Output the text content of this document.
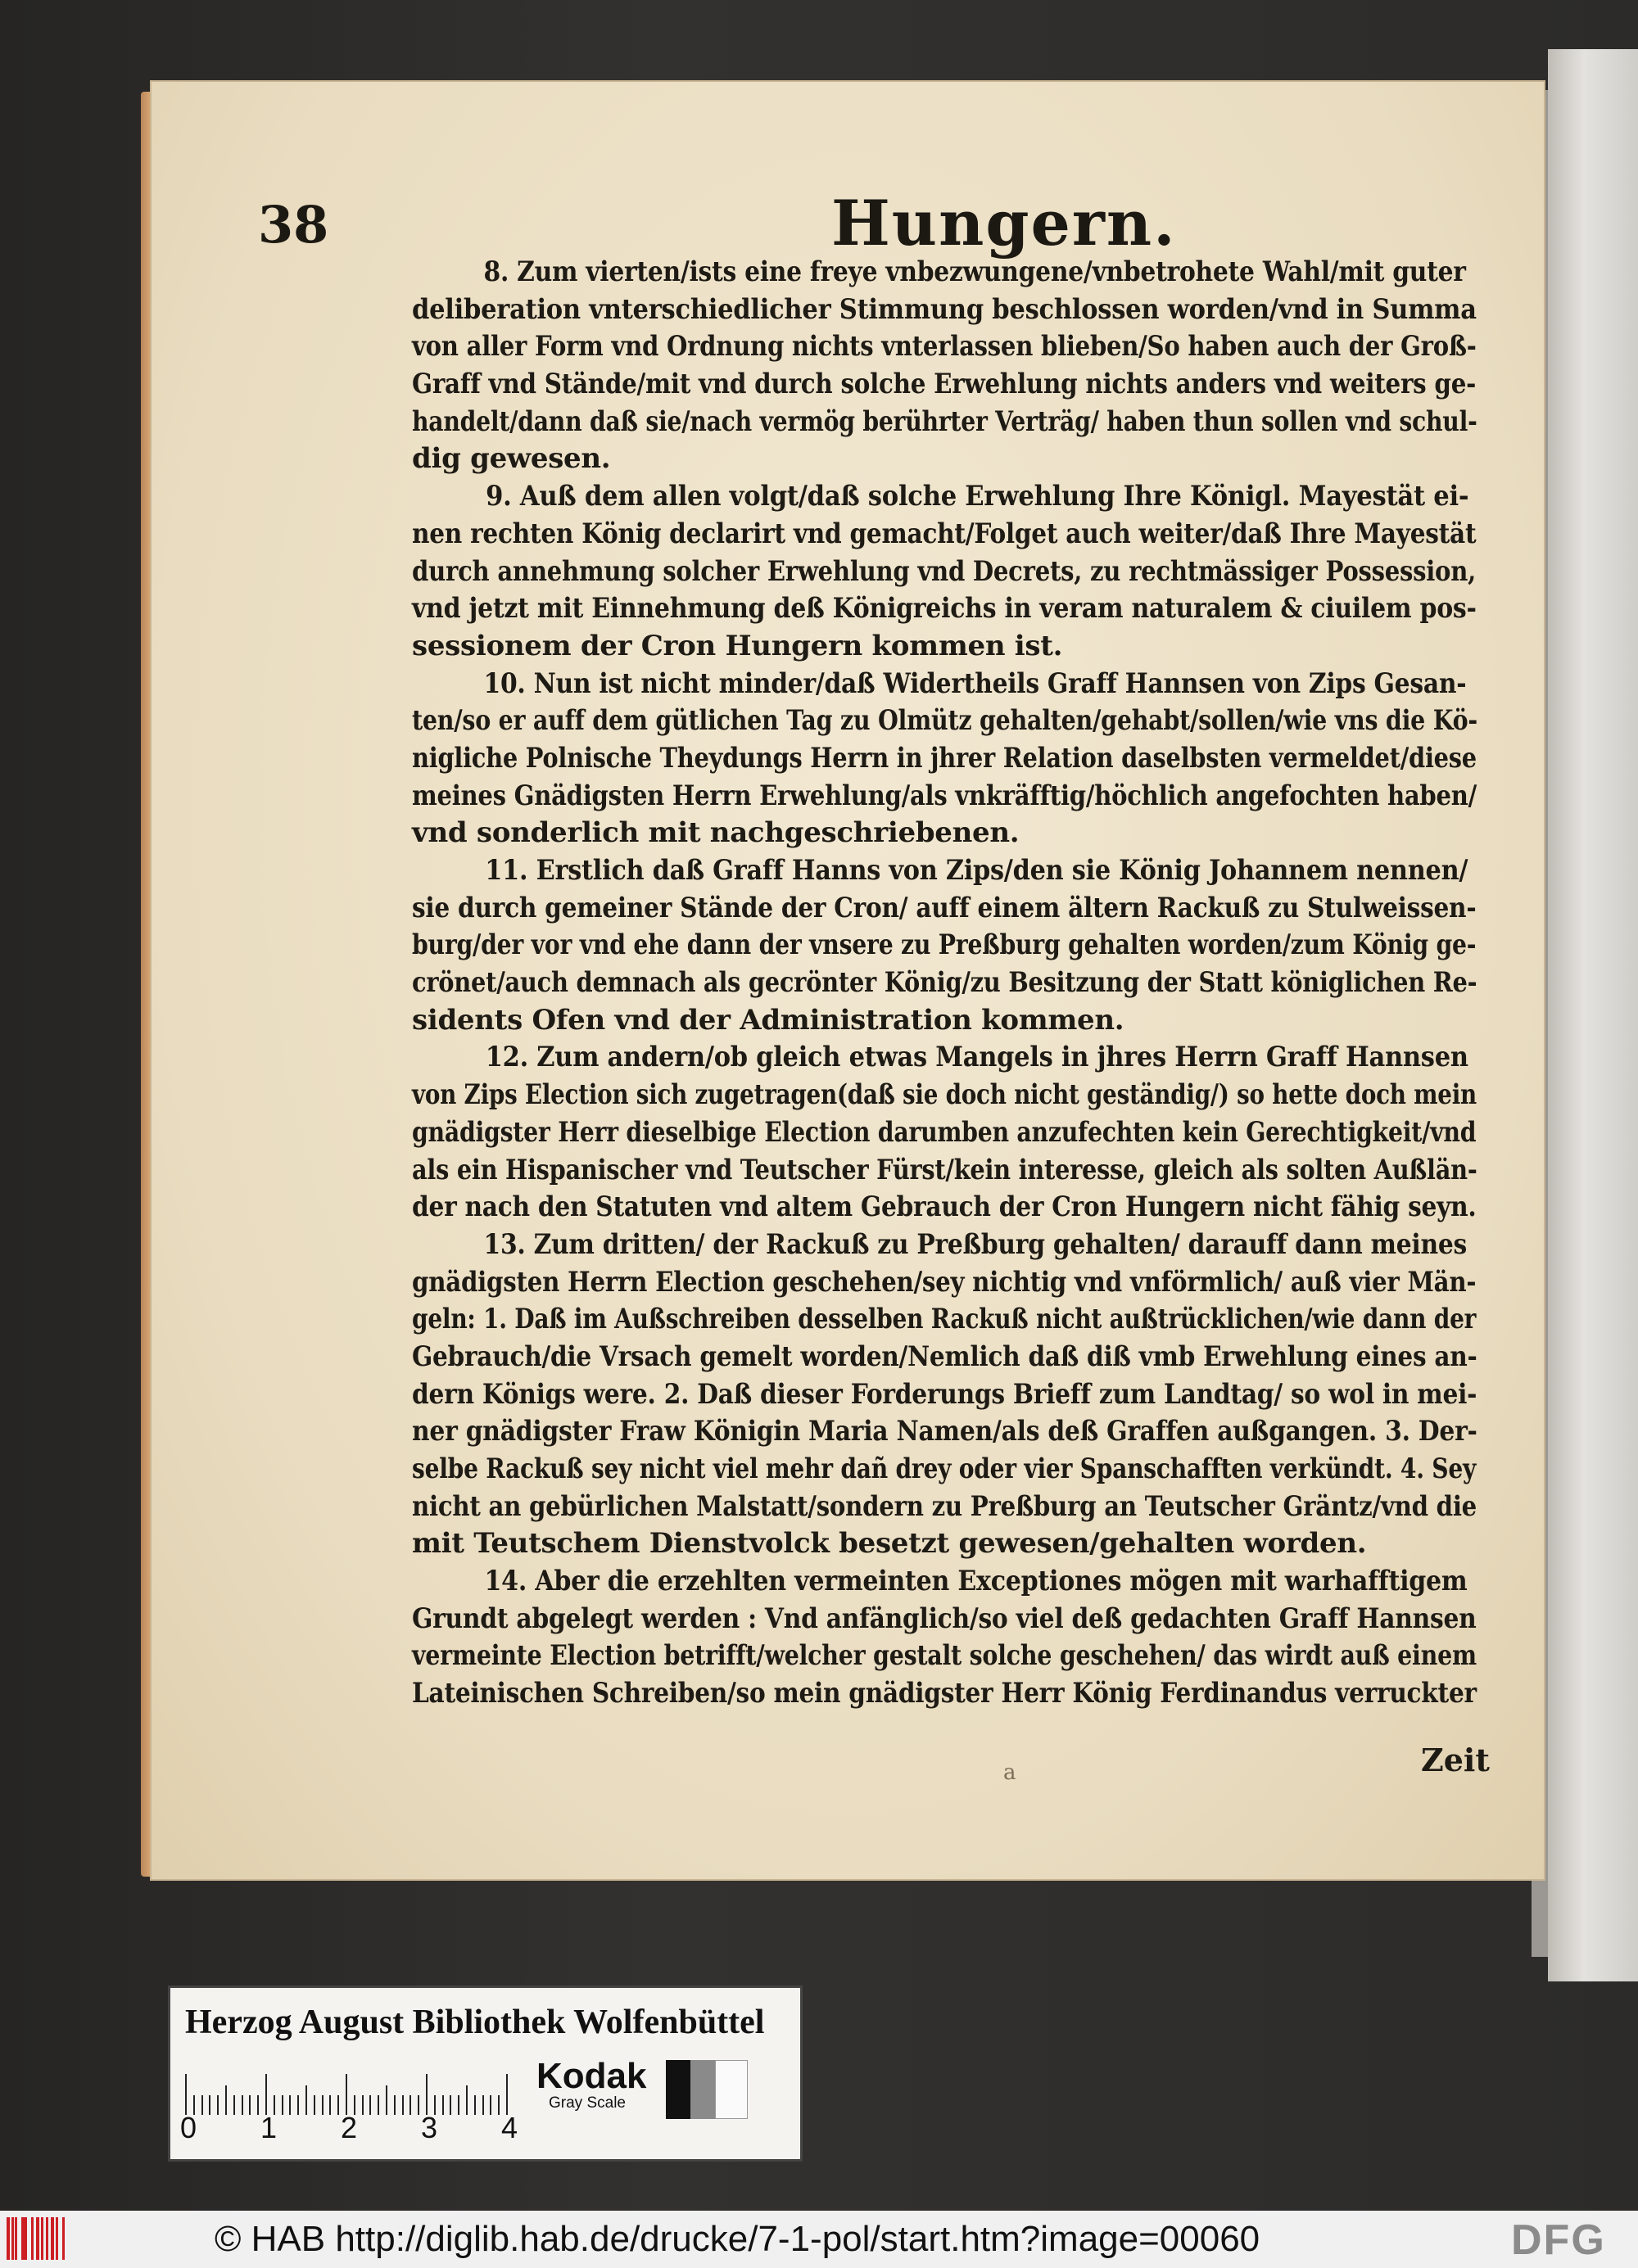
38	Hungern.
8. Zum vierten/ists eine freye vnbezwungene/vnbetrohete Wahl/mit guter
deliberation vnterschiedlicher Stimmung beschlossen worden/vnd in Summa
von aller Form vnd Ordnung nichts vnterlassen blieben/So haben auch der Groß-
Graff vnd Stände/mit vnd durch solche Erwehlung nichts anders vnd weiters ge-
handelt/dann daß sie/nach vermög berührter Verträg/ haben thun sollen vnd schul-
dig gewesen.
9. Auß dem allen volgt/daß solche Erwehlung Ihre Königl. Mayestät ei-
nen rechten König declarirt vnd gemacht/Folget auch weiter/daß Ihre Mayestät
durch annehmung solcher Erwehlung vnd Decrets, zu rechtmässiger Possession,
vnd jetzt mit Einnehmung deß Königreichs in veram naturalem & ciuilem pos-
sessionem der Cron Hungern kommen ist.
10. Nun ist nicht minder/daß Widertheils Graff Hannsen von Zips Gesan-
ten/so er auff dem gütlichen Tag zu Olmütz gehalten/gehabt/sollen/wie vns die Kö-
nigliche Polnische Theydungs Herrn in jhrer Relation daselbsten vermeldet/diese
meines Gnädigsten Herrn Erwehlung/als vnkräfftig/höchlich angefochten haben/
vnd sonderlich mit nachgeschriebenen.
11. Erstlich daß Graff Hanns von Zips/den sie König Johannem nennen/
sie durch gemeiner Stände der Cron/ auff einem ältern Rackuß zu Stulweissen-
burg/der vor vnd ehe dann der vnsere zu Preßburg gehalten worden/zum König ge-
crönet/auch demnach als gecrönter König/zu Besitzung der Statt königlichen Re-
sidents Ofen vnd der Administration kommen.
12. Zum andern/ob gleich etwas Mangels in jhres Herrn Graff Hannsen
von Zips Election sich zugetragen(daß sie doch nicht geständig/) so hette doch mein
gnädigster Herr dieselbige Election darumben anzufechten kein Gerechtigkeit/vnd
als ein Hispanischer vnd Teutscher Fürst/kein interesse, gleich als solten Außlän-
der nach den Statuten vnd altem Gebrauch der Cron Hungern nicht fähig seyn.
13. Zum dritten/ der Rackuß zu Preßburg gehalten/ darauff dann meines
gnädigsten Herrn Election geschehen/sey nichtig vnd vnförmlich/ auß vier Män-
geln: 1. Daß im Außschreiben desselben Rackuß nicht außtrücklichen/wie dann der
Gebrauch/die Vrsach gemelt worden/Nemlich daß diß vmb Erwehlung eines an-
dern Königs were. 2. Daß dieser Forderungs Brieff zum Landtag/ so wol in mei-
ner gnädigster Fraw Königin Maria Namen/als deß Graffen außgangen. 3. Der-
selbe Rackuß sey nicht viel mehr dañ drey oder vier Spanschafften verkündt. 4. Sey
nicht an gebürlichen Malstatt/sondern zu Preßburg an Teutscher Gräntz/vnd die
mit Teutschem Dienstvolck besetzt gewesen/gehalten worden.
14. Aber die erzehlten vermeinten Exceptiones mögen mit warhafftigem
Grundt abgelegt werden : Vnd anfänglich/so viel deß gedachten Graff Hannsen
vermeinte Election betrifft/welcher gestalt solche geschehen/ das wirdt auß einem
Lateinischen Schreiben/so mein gnädigster Herr König Ferdinandus verruckter
a	Zeit
Herzog August Bibliothek Wolfenbüttel
0 1 2 3 4
Kodak
Gray Scale
© HAB http://diglib.hab.de/drucke/7-1-pol/start.htm?image=00060	DFG
